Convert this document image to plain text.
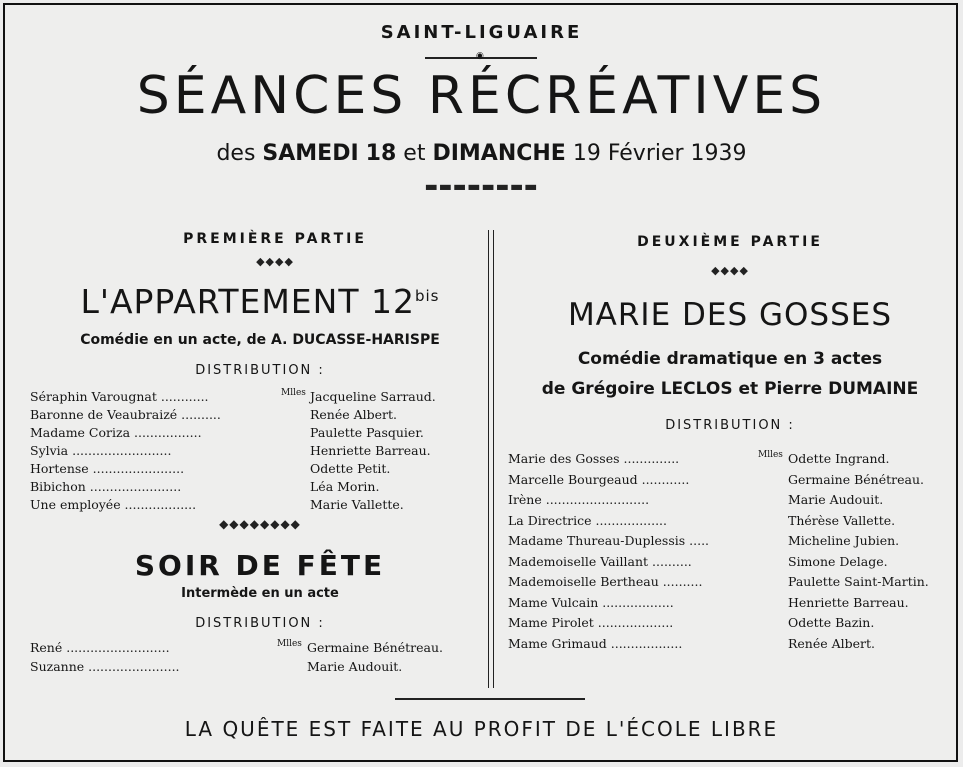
SAINT-LIGUAIRE
◉
SÉANCES RÉCRÉATIVES
des SAMEDI 18 et DIMANCHE 19 Février 1939
▬▬▬▬▬▬▬▬
PREMIÈRE PARTIE
◆◆◆◆
L'APPARTEMENT $12^{bis}$
Comédie en un acte, de A. DUCASSE-HARISPE
DISTRIBUTION :
Séraphin Varougnat ............	Mlles Jacqueline Sarraud.
Baronne de Veaubraizé ..........	Renée Albert.
Madame Coriza .................	Paulette Pasquier.
Sylvia .........................	Henriette Barreau.
Hortense .......................	Odette Petit.
Bibichon .......................	Léa Morin.
Une employée ..................	Marie Vallette.
◆◆◆◆◆◆◆◆
SOIR DE FÊTE
Intermède en un acte
DISTRIBUTION :
René ..........................	Mlles Germaine Bénétreau.
Suzanne .......................	Marie Audouit.
DEUXIÈME PARTIE
◆◆◆◆
MARIE DES GOSSES
Comédie dramatique en 3 actes
de Grégoire LECLOS et Pierre DUMAINE
DISTRIBUTION :
Marie des Gosses ..............	Mlles Odette Ingrand.
Marcelle Bourgeaud ............	Germaine Bénétreau.
Irène ..........................	Marie Audouit.
La Directrice ..................	Thérèse Vallette.
Madame Thureau-Duplessis .....	Micheline Jubien.
Mademoiselle Vaillant ..........	Simone Delage.
Mademoiselle Bertheau ..........	Paulette Saint-Martin.
Mame Vulcain ..................	Henriette Barreau.
Mame Pirolet ...................	Odette Bazin.
Mame Grimaud ..................	Renée Albert.
LA QUÊTE EST FAITE AU PROFIT DE L'ÉCOLE LIBRE
